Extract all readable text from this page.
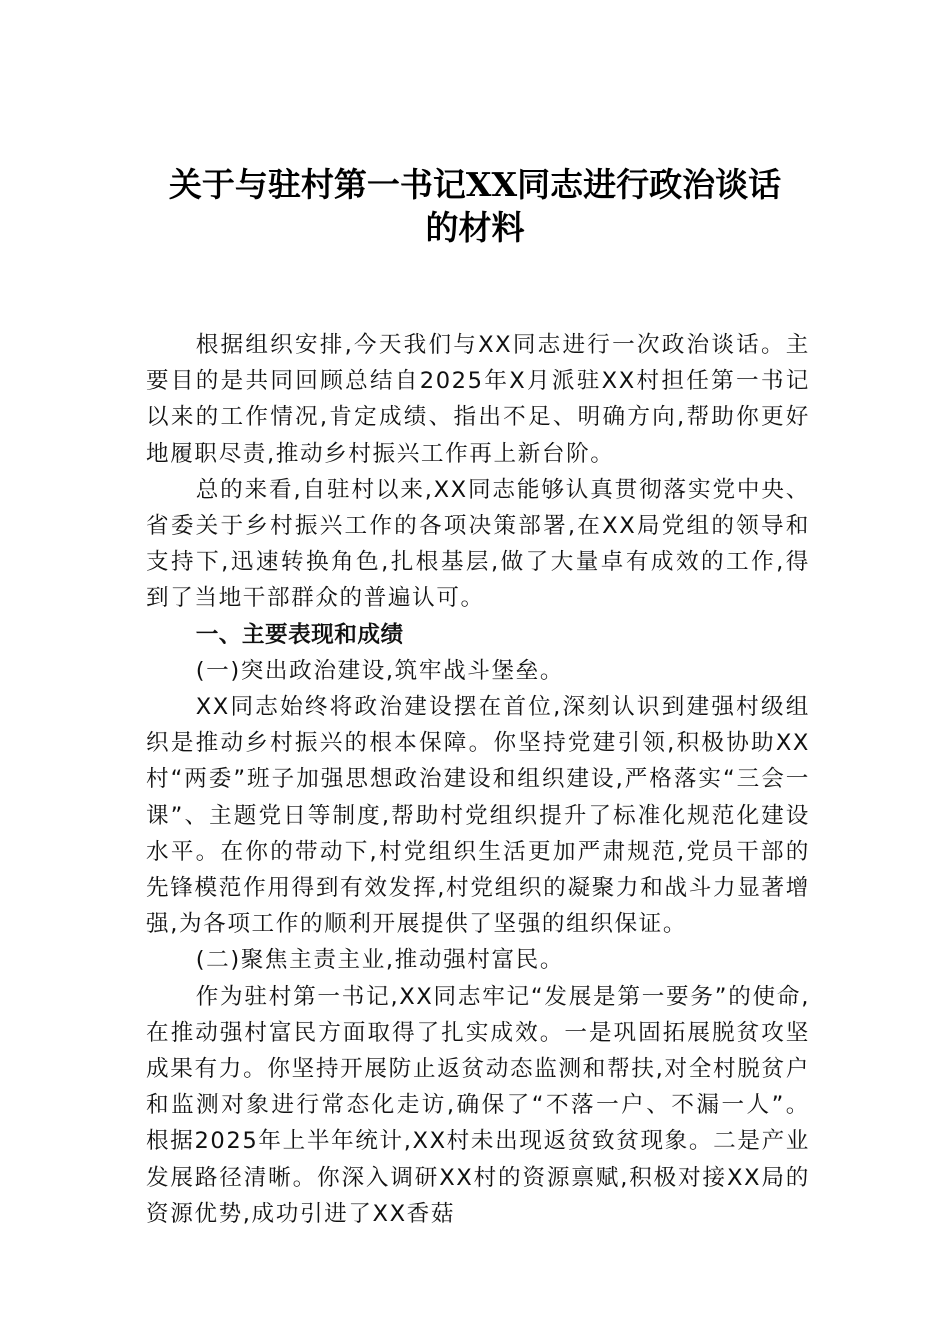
关于与驻村第一书记XX同志进行政治谈话
的材料

根据组织安排,今天我们与XX同志进行一次政治谈话。主要目的是共同回顾总结自2025年X月派驻XX村担任第一书记以来的工作情况,肯定成绩、指出不足、明确方向,帮助你更好地履职尽责,推动乡村振兴工作再上新台阶。

总的来看,自驻村以来,XX同志能够认真贯彻落实党中央、省委关于乡村振兴工作的各项决策部署,在XX局党组的领导和支持下,迅速转换角色,扎根基层,做了大量卓有成效的工作,得到了当地干部群众的普遍认可。

一、主要表现和成绩

(一)突出政治建设,筑牢战斗堡垒。

XX同志始终将政治建设摆在首位,深刻认识到建强村级组织是推动乡村振兴的根本保障。你坚持党建引领,积极协助XX村“两委”班子加强思想政治建设和组织建设,严格落实“三会一课”、主题党日等制度,帮助村党组织提升了标准化规范化建设水平。在你的带动下,村党组织生活更加严肃规范,党员干部的先锋模范作用得到有效发挥,村党组织的凝聚力和战斗力显著增强,为各项工作的顺利开展提供了坚强的组织保证。

(二)聚焦主责主业,推动强村富民。

作为驻村第一书记,XX同志牢记“发展是第一要务”的使命,在推动强村富民方面取得了扎实成效。一是巩固拓展脱贫攻坚成果有力。你坚持开展防止返贫动态监测和帮扶,对全村脱贫户和监测对象进行常态化走访,确保了“不落一户、不漏一人”。根据2025年上半年统计,XX村未出现返贫致贫现象。二是产业发展路径清晰。你深入调研XX村的资源禀赋,积极对接XX局的资源优势,成功引进了XX香菇
